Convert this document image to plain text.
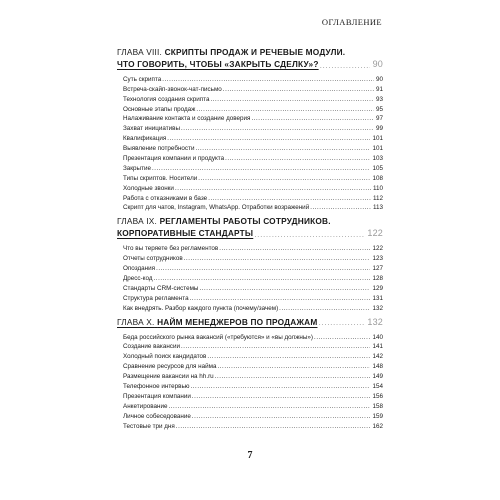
ОГЛАВЛЕНИЕ
ГЛАВА VIII. СКРИПТЫ ПРОДАЖ И РЕЧЕВЫЕ МОДУЛИ.
ЧТО ГОВОРИТЬ, ЧТОБЫ «ЗАКРЫТЬ СДЕЛКУ»? .....	90
Суть скрипта .....	90
Встреча-скайп-звонок-чат-письмо .....	91
Технология создания скрипта .....	93
Основные этапы продаж .....	95
Налаживание контакта и создание доверия .....	97
Захват инициативы .....	99
Квалификация .....	101
Выявление потребности .....	101
Презентация компании и продукта .....	103
Закрытие .....	105
Типы скриптов. Носители .....	108
Холодные звонки .....	110
Работа с отказниками в базе .....	112
Скрипт для чатов, Instagram, WhatsApp. Отработки возражений .....	113
ГЛАВА IX. РЕГЛАМЕНТЫ РАБОТЫ СОТРУДНИКОВ.
КОРПОРАТИВНЫЕ СТАНДАРТЫ .....	122
Что вы теряете без регламентов .....	122
Отчеты сотрудников .....	123
Опоздания .....	127
Дресс-код .....	128
Стандарты CRM-системы .....	129
Структура регламента .....	131
Как внедрять. Разбор каждого пункта (почему/зачем) .....	132
ГЛАВА X. НАЙМ МЕНЕДЖЕРОВ ПО ПРОДАЖАМ .....	132
Беда российского рынка вакансий («требуются» и «вы должны») .....	140
Создание вакансии .....	141
Холодный поиск кандидатов .....	142
Сравнение ресурсов для найма .....	148
Размещение вакансии на hh.ru .....	149
Телефонное интервью .....	154
Презентация компании .....	156
Анкетирование .....	158
Личное собеседование .....	159
Тестовые три дня .....	162
7
